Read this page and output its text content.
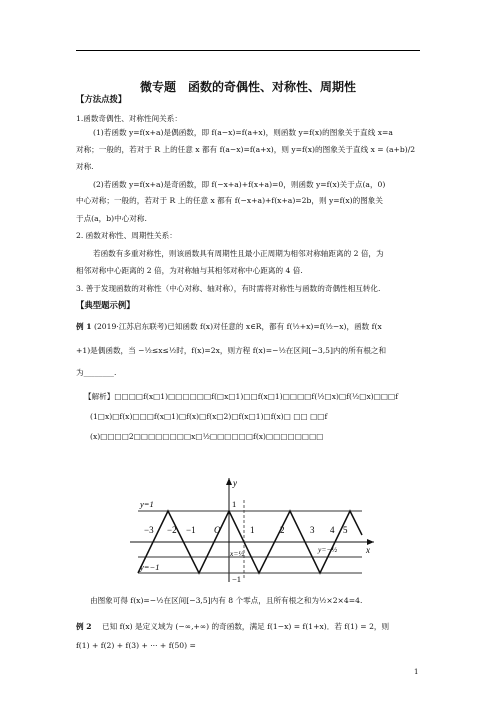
微专题　函数的奇偶性、对称性、周期性
【方法点拨】
1.函数奇偶性、对称性间关系：
(1)若函数 y=f(x+a)是偶函数，即 f(a−x)=f(a+x)，则函数 y=f(x)的图象关于直线 x=a
对称；一般的，若对于 R 上的任意 x 都有 f(a−x)=f(a+x)，则 y=f(x)的图象关于直线 x = (a+b)/2
对称.
(2)若函数 y=f(x+a)是奇函数，即 f(−x+a)+f(x+a)=0，则函数 y=f(x)关于点(a，0)
中心对称；一般的，若对于 R 上的任意 x 都有 f(−x+a)+f(x+a)=2b，则 y=f(x)的图象关
于点(a，b)中心对称.
2. 函数对称性、周期性关系：
若函数有多重对称性，则该函数具有周期性且最小正周期为相邻对称轴距离的 2 倍，为
相邻对称中心距离的 2 倍，为对称轴与其相邻对称中心距离的 4 倍.
3. 善于发现函数的对称性（中心对称、轴对称），有时需将对称性与函数的奇偶性相互转化.
【典型题示例】
例 1 (2019·江苏启东联考)已知函数 f(x)对任意的 x∈R，都有 f(½+x)=f(½−x)，函数 f(x
+1)是偶函数，当 −½≤x≤½时，f(x)=2x，则方程 f(x)=−½在区间[−3,5]内的所有根之和
为________.
【解析】□□□□f(x□1)□□□□□□f(□x□1)□□f(x□1)□□□□f(½□x)□f(½□x)□□□f
(1□x)□f(x)□□□f(x□1)□f(x)□f(x□2)□f(x□1)□f(x)□ □□ □□f
(x)□□□□2□□□□□□□□x□½□□□□□□f(x)□□□□□□□□
−3 −2 −1 O	1	2	3 4 5
x
y
y=1
y=−1
1
−1
x=½	y=−½
由图象可得 f(x)=−½在区间[−3,5]内有 8 个零点，且所有根之和为½×2×4=4.
例 2 已知 f(x) 是定义域为 (−∞,+∞) 的奇函数，满足 f(1−x) = f(1+x)．若 f(1) = 2，则
f(1) + f(2) + f(3) + ··· + f(50) =
1
